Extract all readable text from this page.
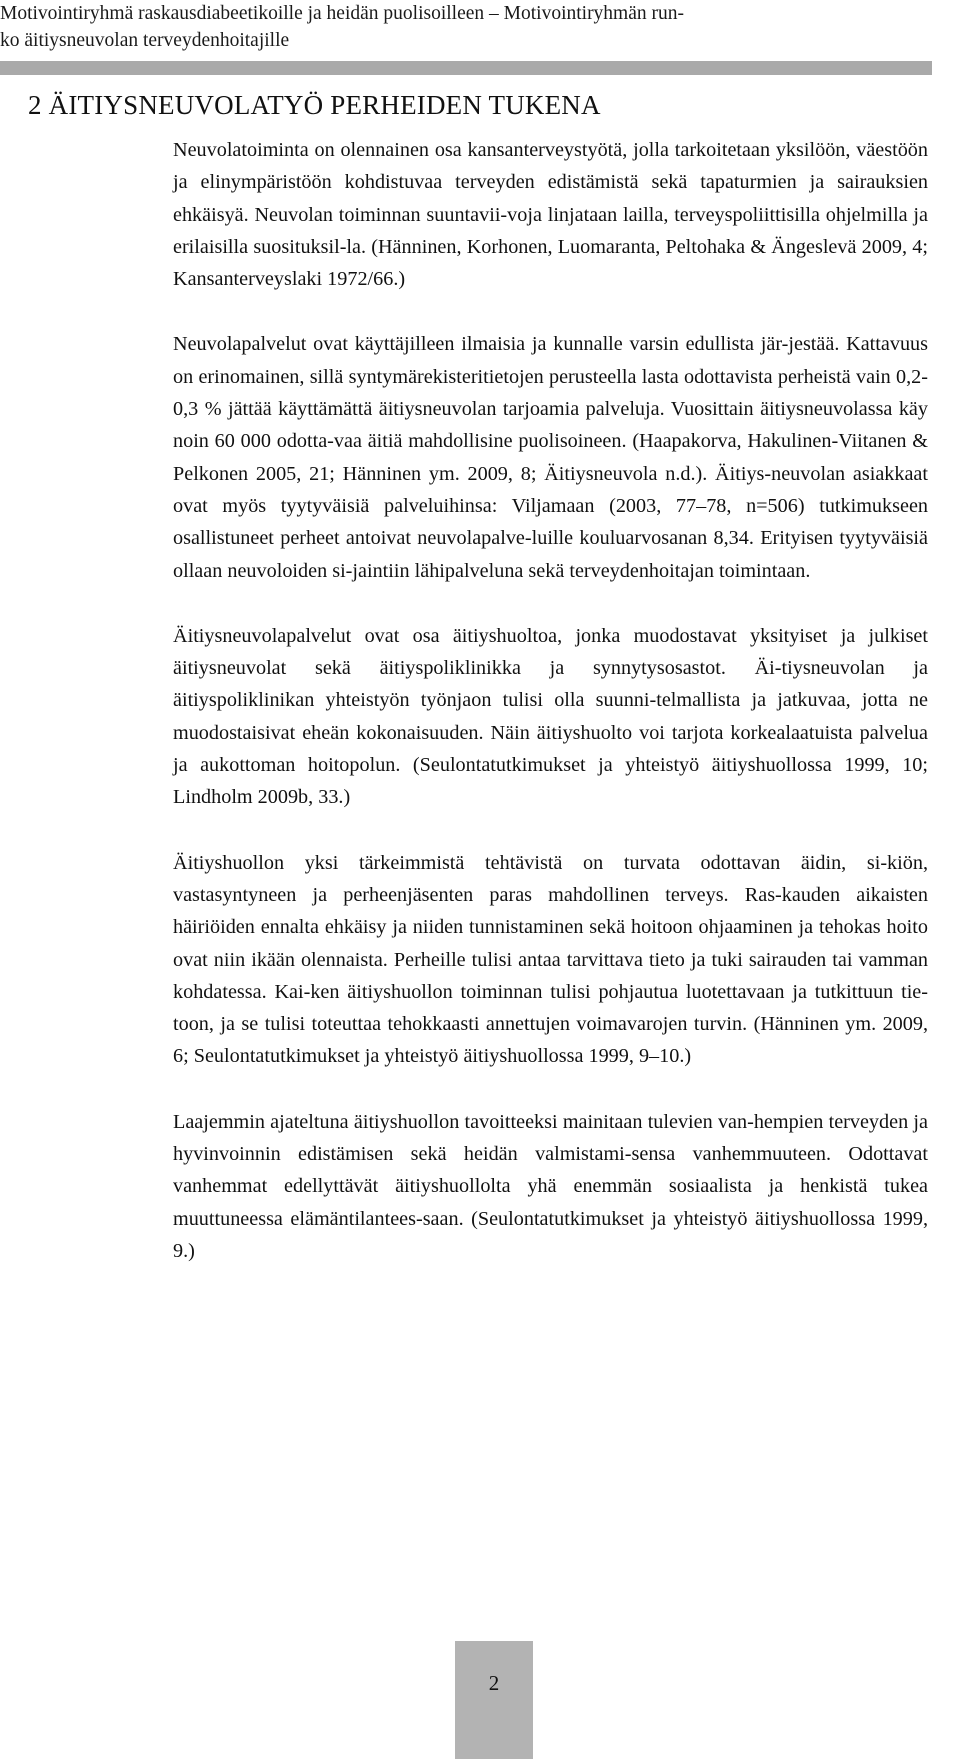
Motivointiryhmä raskausdiabeetikoille ja heidän puolisoilleen – Motivointiryhmän run-
ko äitiysneuvolan terveydenhoitajille
2 ÄITIYSNEUVOLATYÖ PERHEIDEN TUKENA

Neuvolatoiminta on olennainen osa kansanterveystyötä, jolla tarkoitetaan yksilöön, väestöön ja elinympäristöön kohdistuvaa terveyden edistämistä sekä tapaturmien ja sairauksien ehkäisyä. Neuvolan toiminnan suuntavii-voja linjataan lailla, terveyspoliittisilla ohjelmilla ja erilaisilla suosituksil-la. (Hänninen, Korhonen, Luomaranta, Peltohaka & Ängeslevä 2009, 4; Kansanterveyslaki 1972/66.)

Neuvolapalvelut ovat käyttäjilleen ilmaisia ja kunnalle varsin edullista jär-jestää. Kattavuus on erinomainen, sillä syntymärekisteritietojen perusteella lasta odottavista perheistä vain 0,2-0,3 % jättää käyttämättä äitiysneuvolan tarjoamia palveluja. Vuosittain äitiysneuvolassa käy noin 60 000 odotta-vaa äitiä mahdollisine puolisoineen. (Haapakorva, Hakulinen-Viitanen & Pelkonen 2005, 21; Hänninen ym. 2009, 8; Äitiysneuvola n.d.). Äitiys-neuvolan asiakkaat ovat myös tyytyväisiä palveluihinsa: Viljamaan (2003, 77–78, n=506) tutkimukseen osallistuneet perheet antoivat neuvolapalve-luille kouluarvosanan 8,34. Erityisen tyytyväisiä ollaan neuvoloiden si-jaintiin lähipalveluna sekä terveydenhoitajan toimintaan.

Äitiysneuvolapalvelut ovat osa äitiyshuoltoa, jonka muodostavat yksityiset ja julkiset äitiysneuvolat sekä äitiyspoliklinikka ja synnytysosastot. Äi-tiysneuvolan ja äitiyspoliklinikan yhteistyön työnjaon tulisi olla suunni-telmallista ja jatkuvaa, jotta ne muodostaisivat eheän kokonaisuuden. Näin äitiyshuolto voi tarjota korkealaatuista palvelua ja aukottoman hoitopolun. (Seulontatutkimukset ja yhteistyö äitiyshuollossa 1999, 10; Lindholm 2009b, 33.)

Äitiyshuollon yksi tärkeimmistä tehtävistä on turvata odottavan äidin, si-kiön, vastasyntyneen ja perheenjäsenten paras mahdollinen terveys. Ras-kauden aikaisten häiriöiden ennalta ehkäisy ja niiden tunnistaminen sekä hoitoon ohjaaminen ja tehokas hoito ovat niin ikään olennaista. Perheille tulisi antaa tarvittava tieto ja tuki sairauden tai vamman kohdatessa. Kai-ken äitiyshuollon toiminnan tulisi pohjautua luotettavaan ja tutkittuun tie-toon, ja se tulisi toteuttaa tehokkaasti annettujen voimavarojen turvin. (Hänninen ym. 2009, 6; Seulontatutkimukset ja yhteistyö äitiyshuollossa 1999, 9–10.)

Laajemmin ajateltuna äitiyshuollon tavoitteeksi mainitaan tulevien van-hempien terveyden ja hyvinvoinnin edistämisen sekä heidän valmistami-sensa vanhemmuuteen. Odottavat vanhemmat edellyttävät äitiyshuollolta yhä enemmän sosiaalista ja henkistä tukea muuttuneessa elämäntilantees-saan. (Seulontatutkimukset ja yhteistyö äitiyshuollossa 1999, 9.)

2
